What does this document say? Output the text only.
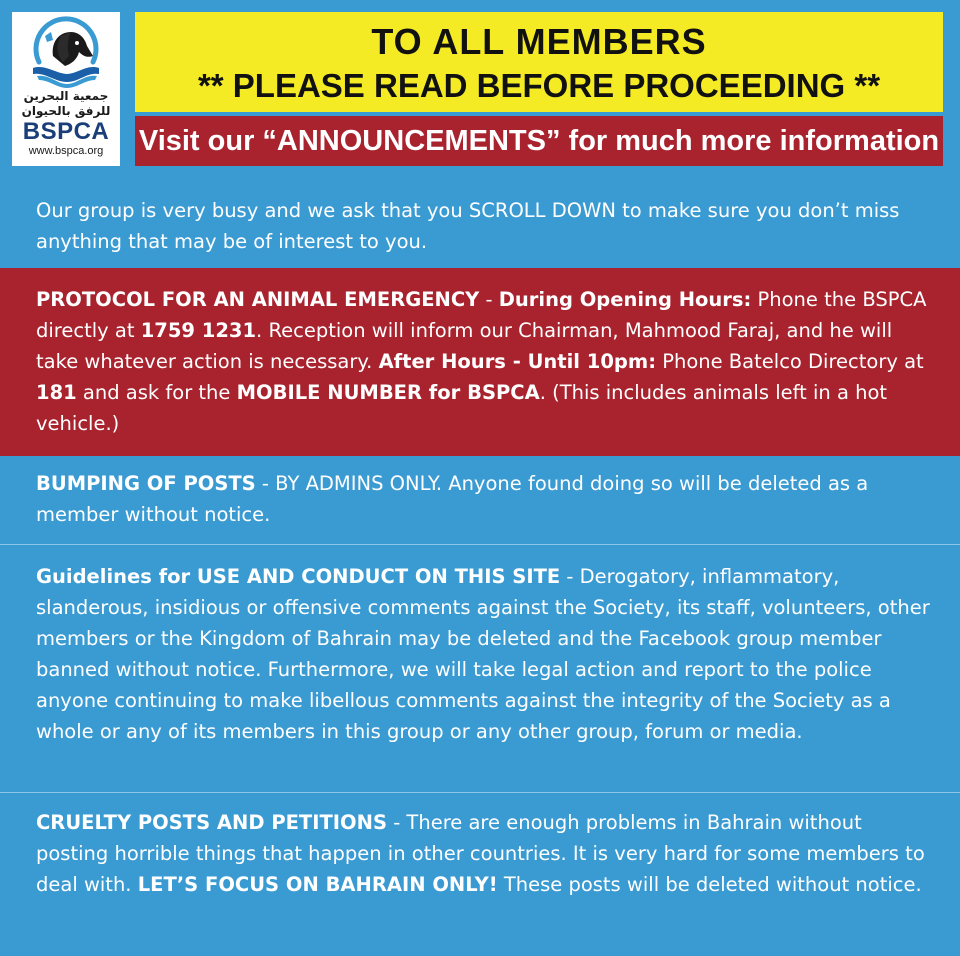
جمعية البحرين
للرفق بالحيوان
BSPCA
www.bspca.org
TO ALL MEMBERS
** PLEASE READ BEFORE PROCEEDING **
Visit our “ANNOUNCEMENTS” for much more information
Our group is very busy and we ask that you SCROLL DOWN to make sure you don’t miss anything that may be of interest to you.
PROTOCOL FOR AN ANIMAL EMERGENCY - During Opening Hours: Phone the BSPCA directly at 1759 1231. Reception will inform our Chairman, Mahmood Faraj, and he will take whatever action is necessary. After Hours - Until 10pm: Phone Batelco Directory at 181 and ask for the MOBILE NUMBER for BSPCA. (This includes animals left in a hot vehicle.)
BUMPING OF POSTS - BY ADMINS ONLY. Anyone found doing so will be deleted as a member without notice.
Guidelines for USE AND CONDUCT ON THIS SITE - Derogatory, inflammatory, slanderous, insidious or offensive comments against the Society, its staff, volunteers, other members or the Kingdom of Bahrain may be deleted and the Facebook group member banned without notice. Furthermore, we will take legal action and report to the police anyone continuing to make libellous comments against the integrity of the Society as a whole or any of its members in this group or any other group, forum or media.
CRUELTY POSTS AND PETITIONS - There are enough problems in Bahrain without posting horrible things that happen in other countries. It is very hard for some members to deal with. LET’S FOCUS ON BAHRAIN ONLY! These posts will be deleted without notice.
